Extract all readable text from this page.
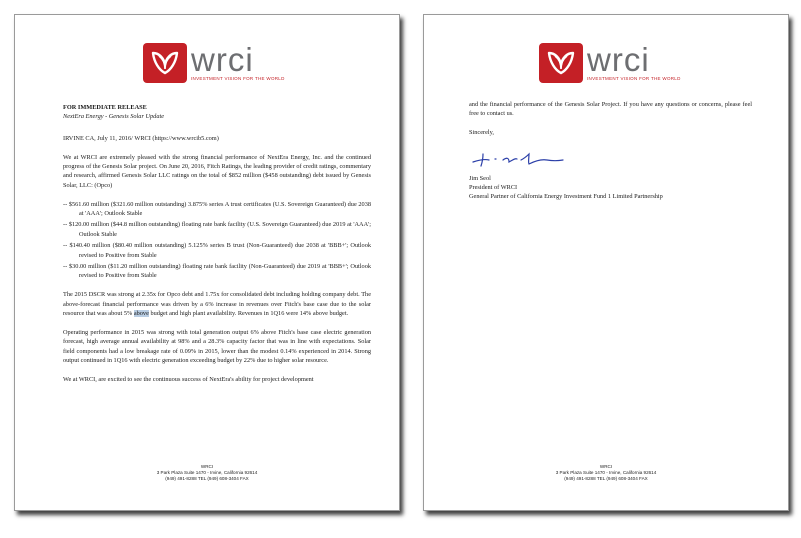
wrci
INVESTMENT VISION FOR THE WORLD

FOR IMMEDIATE RELEASE

NextEra Energy - Genesis Solar Update

IRVINE CA, July 11, 2016/ WRCI (https://www.wrcib5.com)

We at WRCI are extremely pleased with the strong financial performance of NextEra Energy, Inc. and the continued progress of the Genesis Solar project. On June 20, 2016, Fitch Ratings, the leading provider of credit ratings, commentary and research, affirmed Genesis Solar LLC ratings on the total of $852 million ($458 outstanding) debt issued by Genesis Solar, LLC: (Opco)

-- $561.60 million ($321.60 million outstanding) 3.875% series A trust certificates (U.S. Sovereign Guaranteed) due 2038 at 'AAA'; Outlook Stable

-- $120.00 million ($44.8 million outstanding) floating rate bank facility (U.S. Sovereign Guaranteed) due 2019 at 'AAA'; Outlook Stable

-- $140.40 million ($80.40 million outstanding) 5.125% series B trust (Non-Guaranteed) due 2038 at 'BBB+'; Outlook revised to Positive from Stable

-- $30.00 million ($11.20 million outstanding) floating rate bank facility (Non-Guaranteed) due 2019 at 'BBB+'; Outlook revised to Positive from Stable

The 2015 DSCR was strong at 2.35x for Opco debt and 1.75x for consolidated debt including holding company debt. The above-forecast financial performance was driven by a 6% increase in revenues over Fitch's base case due to the solar resource that was about 5% above budget and high plant availability. Revenues in 1Q16 were 14% above budget.

Operating performance in 2015 was strong with total generation output 6% above Fitch's base case electric generation forecast, high average annual availability at 98% and a 28.3% capacity factor that was in line with expectations. Solar field components had a low breakage rate of 0.09% in 2015, lower than the modest 0.14% experienced in 2014. Strong output continued in 1Q16 with electric generation exceeding budget by 22% due to higher solar resource.

We at WRCI, are excited to see the continuous success of NextEra's ability for project development

WRCI
3 Park Plaza Suite 1470 - Irvine, California 92614
(949) 491-8288 TEL (949) 608-3404 FAX
wrci
INVESTMENT VISION FOR THE WORLD

and the financial performance of the Genesis Solar Project. If you have any questions or concerns, please feel free to contact us.

Sincerely,

Jim Seol

President of WRCI

General Partner of California Energy Investment Fund 1 Limited Partnership

WRCI
3 Park Plaza Suite 1470 - Irvine, California 92614
(949) 491-8288 TEL (949) 608-3404 FAX
